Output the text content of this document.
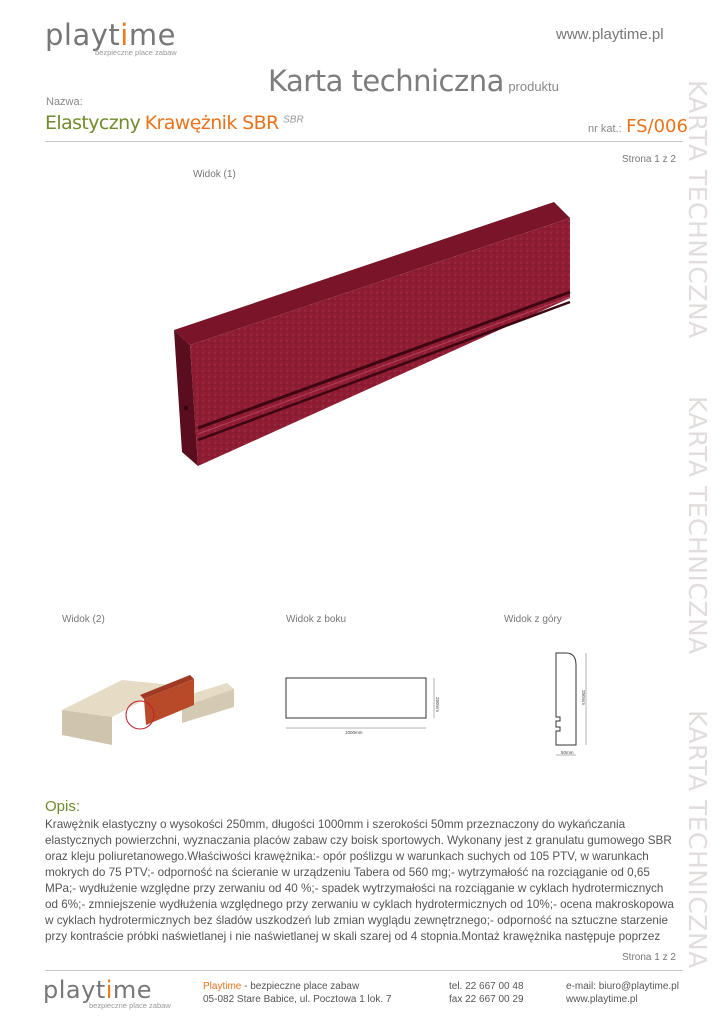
playtime
bezpieczne place zabaw
www.playtime.pl
Karta techniczna produktu
Nazwa:
Elastyczny Krawężnik SBR $^{SBR}$
nr kat.: FS/006
Strona 1 z 2
Widok (1)
Widok (2)	Widok z boku	Widok z góry
1000mm
250mm	250mm
50mm
KARTA TECHNICZNA
KARTA TECHNICZNA
KARTA TECHNICZNA
Opis:
Krawężnik elastyczny o wysokości 250mm, długości 1000mm i szerokości 50mm przeznaczony do wykańczania
elastycznych powierzchni, wyznaczania placów zabaw czy boisk sportowych. Wykonany jest z granulatu gumowego SBR
oraz kleju poliuretanowego.Właściwości krawężnika:- opór poślizgu w warunkach suchych od 105 PTV, w warunkach
mokrych do 75 PTV;- odporność na ścieranie w urządzeniu Tabera od 560 mg;- wytrzymałość na rozciąganie od 0,65
MPa;- wydłużenie względne przy zerwaniu od 40 %;- spadek wytrzymałości na rozciąganie w cyklach hydrotermicznych
od 6%;- zmniejszenie wydłużenia względnego przy zerwaniu w cyklach hydrotermicznych od 10%;- ocena makroskopowa
w cyklach hydrotermicznych bez śladów uszkodzeń lub zmian wyglądu zewnętrznego;- odporność na sztuczne starzenie
przy kontraście próbki naświetlanej i nie naświetlanej w skali szarej od 4 stopnia.Montaż krawężnika następuje poprzez
Strona 1 z 2
playtime
bezpieczne place zabaw
Playtime - bezpieczne place zabaw
05-082 Stare Babice, ul. Pocztowa 1 lok. 7
tel. 22 667 00 48
fax 22 667 00 29
e-mail: biuro@playtime.pl
www.playtime.pl
